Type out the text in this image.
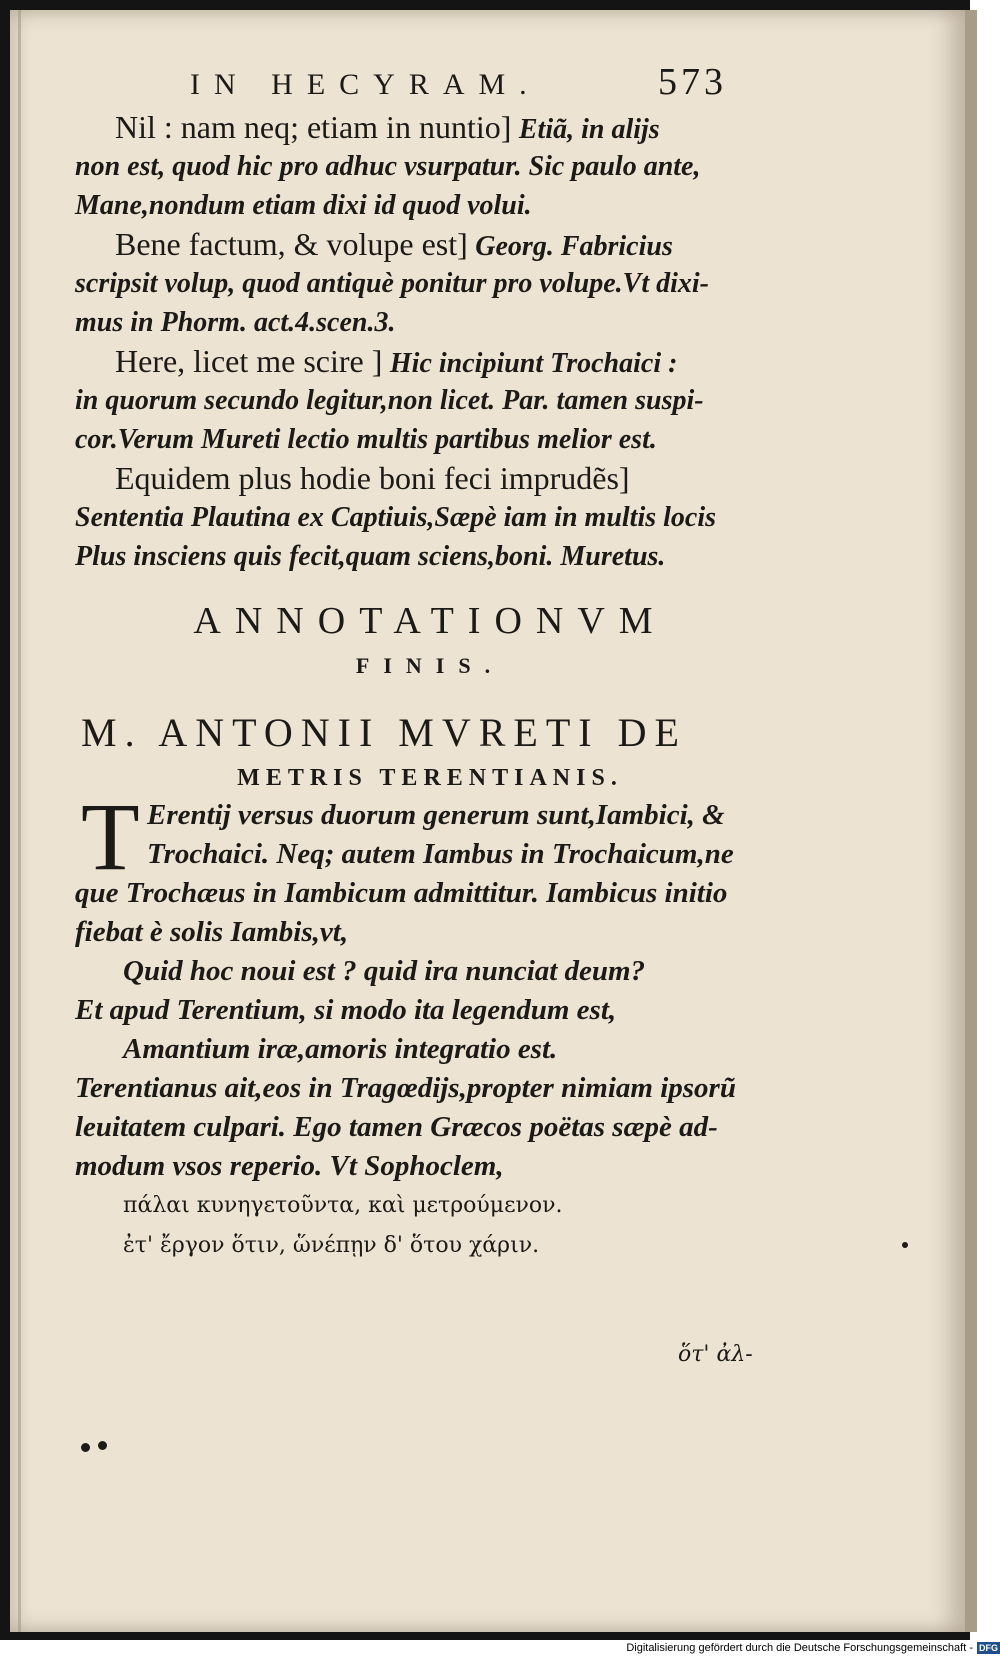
IN HECYRAM.	573
Nil : nam neq; etiam in nuntio] Etiã, in alijs
non est, quod hic pro adhuc vsurpatur. Sic paulo ante,
Mane,nondum etiam dixi id quod volui.
Bene factum, & volupe est] Georg. Fabricius
scripsit volup, quod antiquè ponitur pro volupe.Vt dixi-
mus in Phorm. act.4.scen.3.
Here, licet me scire ] Hic incipiunt Trochaici :
in quorum secundo legitur,non licet. Par. tamen suspi-
cor.Verum Mureti lectio multis partibus melior est.
Equidem plus hodie boni feci imprudẽs]
Sententia Plautina ex Captiuis,Sæpè iam in multis locis
Plus insciens quis fecit,quam sciens,boni. Muretus.
ANNOTATIONVM
FINIS.
M. ANTONII MVRETI DE
METRIS TERENTIANIS.
T Erentij versus duorum generum sunt,Iambici, &
Trochaici. Neq; autem Iambus in Trochaicum,ne
que Trochæus in Iambicum admittitur. Iambicus initio
fiebat è solis Iambis,vt,
Quid hoc noui est ? quid ira nunciat deum?
Et apud Terentium, si modo ita legendum est,
Amantium iræ,amoris integratio est.
Terentianus ait,eos in Tragœdijs,propter nimiam ipsorũ
leuitatem culpari. Ego tamen Græcos poëtas sæpè ad-
modum vsos reperio. Vt Sophoclem,
πάλαι κυνηγετοῦντα, καὶ μετρούμενον.
ἐτ' ἔργον ὅτιν, ὥνέπῃν δ' ὅτου χάριν.
ὅτ' ἀλ-
Digitalisierung gefördert durch die Deutsche Forschungsgemeinschaft - DFG
